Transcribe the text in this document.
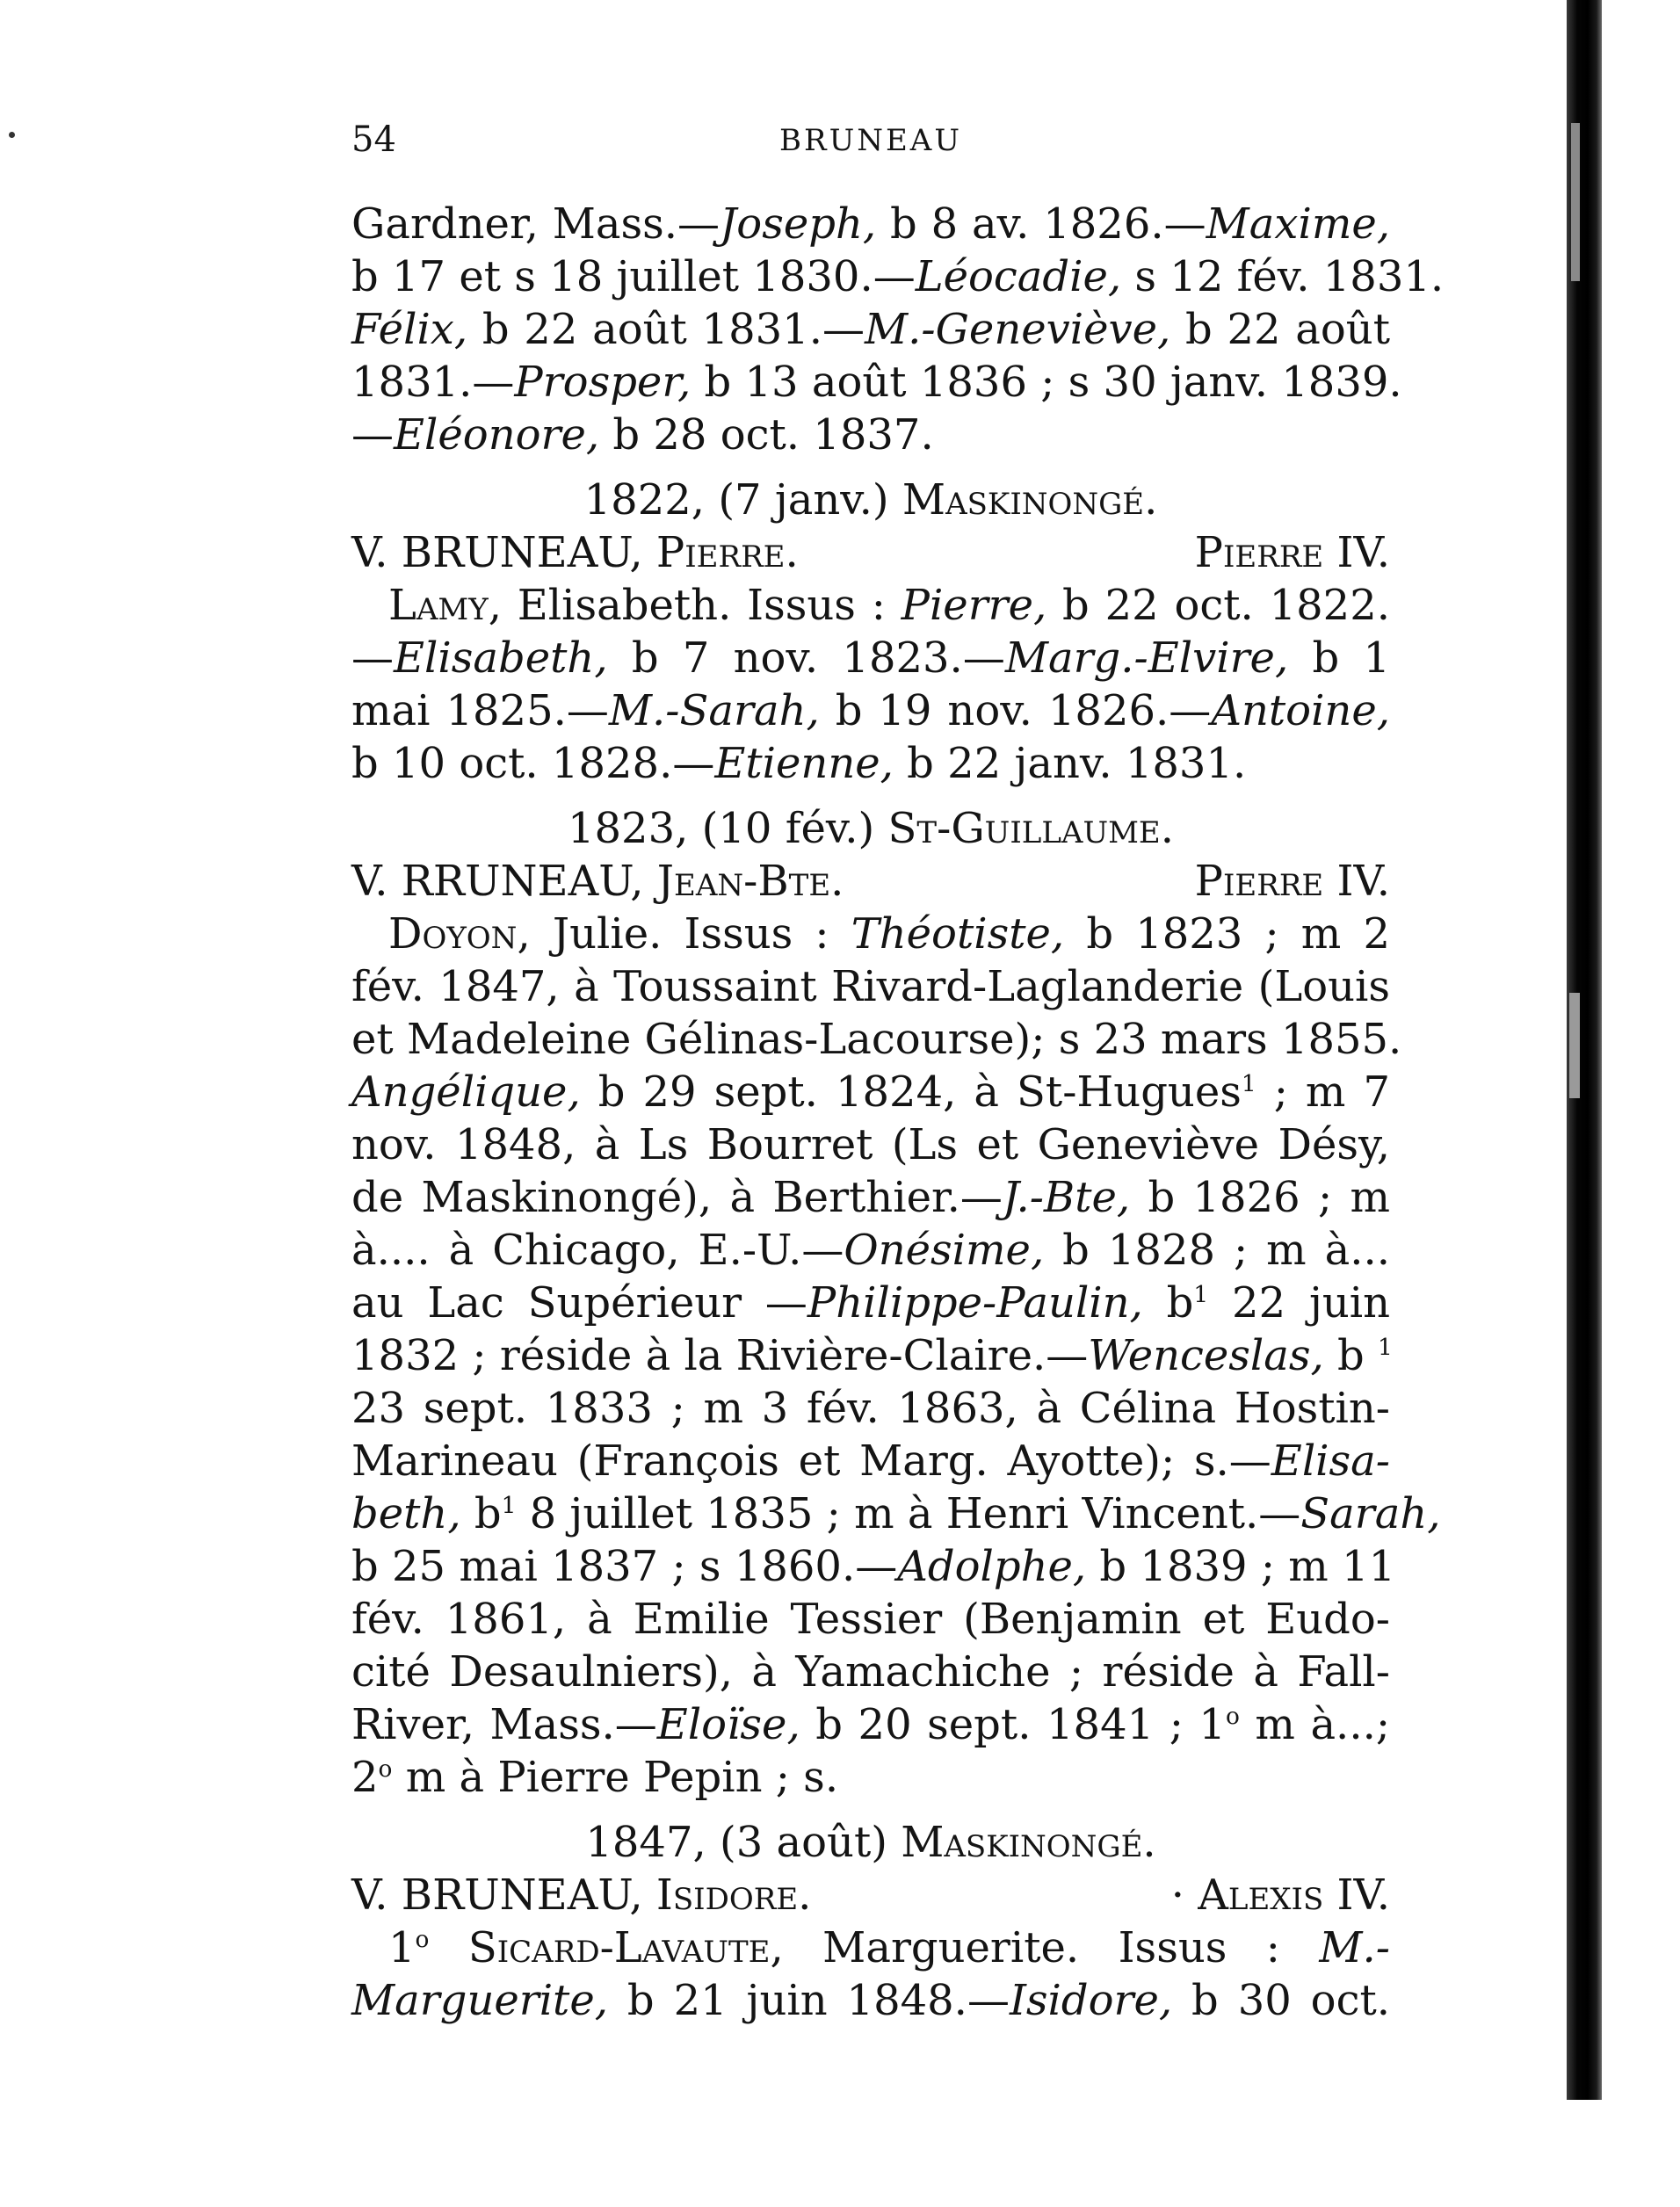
54	BRUNEAU
Gardner, Mass.—Joseph, b 8 av. 1826.—Maxime,
b 17 et s 18 juillet 1830.—Léocadie, s 12 fév. 1831.
Félix, b 22 août 1831.—M.-Geneviève, b 22 août
1831.—Prosper, b 13 août 1836 ; s 30 janv. 1839.
—Eléonore, b 28 oct. 1837.
1822, (7 janv.) Maskinongé.
V. BRUNEAU, Pierre.	Pierre IV.
Lamy, Elisabeth. Issus : Pierre, b 22 oct. 1822.
—Elisabeth, b 7 nov. 1823.—Marg.-Elvire, b 1
mai 1825.—M.-Sarah, b 19 nov. 1826.—Antoine,
b 10 oct. 1828.—Etienne, b 22 janv. 1831.
1823, (10 fév.) St-Guillaume.
V. RRUNEAU, Jean-Bte.	Pierre IV.
Doyon, Julie. Issus : Théotiste, b 1823 ; m 2
fév. 1847, à Toussaint Rivard-Laglanderie (Louis
et Madeleine Gélinas-Lacourse); s 23 mars 1855.
Angélique, b 29 sept. 1824, à St-Hugues$^1$ ; m 7
nov. 1848, à Ls Bourret (Ls et Geneviève Désy,
de Maskinongé), à Berthier.—J.-Bte, b 1826 ; m
à.... à Chicago, E.-U.—Onésime, b 1828 ; m à...
au Lac Supérieur —Philippe-Paulin, $b^1$ 22 juin
1832 ; réside à la Rivière-Claire.—Wenceslas, b $^1$
23 sept. 1833 ; m 3 fév. 1863, à Célina Hostin-
Marineau (François et Marg. Ayotte); s.—Elisa-
beth, $b^1$ 8 juillet 1835 ; m à Henri Vincent.—Sarah,
b 25 mai 1837 ; s 1860.—Adolphe, b 1839 ; m 11
fév. 1861, à Emilie Tessier (Benjamin et Eudo-
cité Desaulniers), à Yamachiche ; réside à Fall-
River, Mass.—Eloïse, b 20 sept. 1841 ; 1$^o$ m à...;
2$^o$ m à Pierre Pepin ; s.
1847, (3 août) Maskinongé.
V. BRUNEAU, Isidore.	· Alexis IV.
1$^o$ Sicard-Lavaute, Marguerite. Issus : M.-
Marguerite, b 21 juin 1848.—Isidore, b 30 oct.
